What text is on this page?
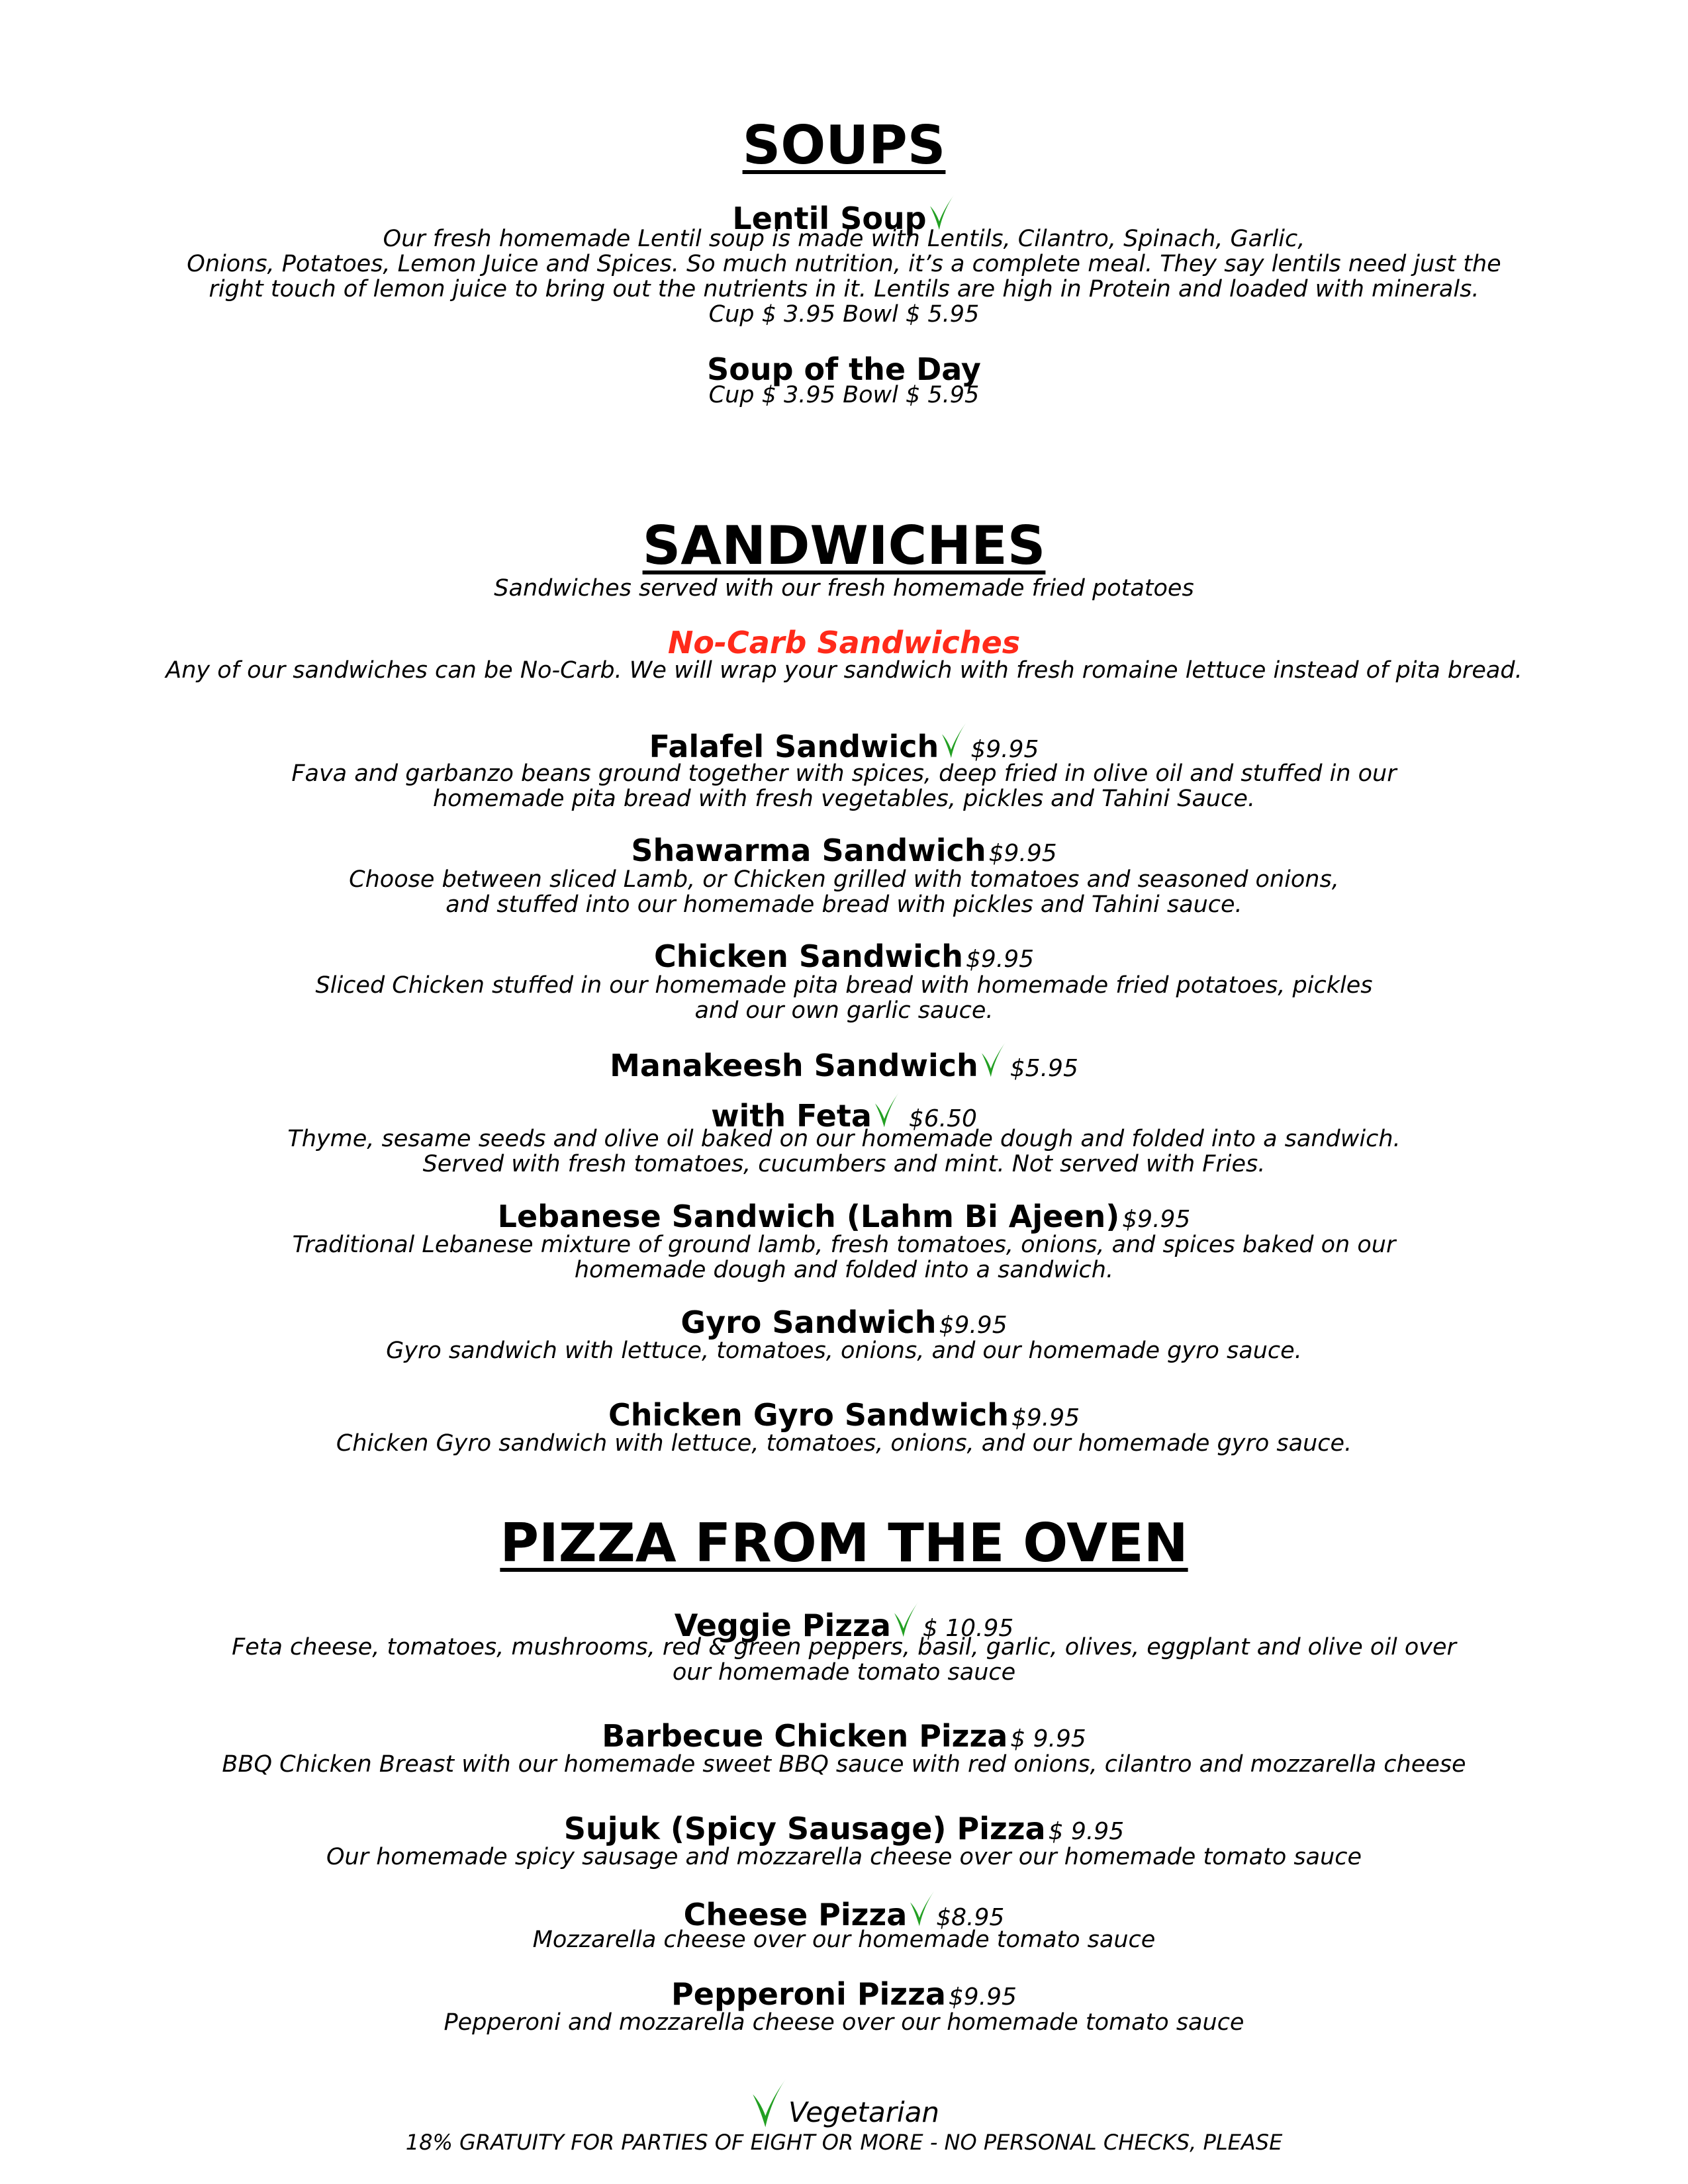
SOUPS
Lentil Soup
Our fresh homemade Lentil soup is made with Lentils, Cilantro, Spinach, Garlic,
Onions, Potatoes, Lemon Juice and Spices. So much nutrition, it’s a complete meal. They say lentils need just the
right touch of lemon juice to bring out the nutrients in it. Lentils are high in Protein and loaded with minerals.
Cup $ 3.95 Bowl $ 5.95
Soup of the Day
Cup $ 3.95 Bowl $ 5.95
SANDWICHES
Sandwiches served with our fresh homemade fried potatoes
No-Carb Sandwiches
Any of our sandwiches can be No-Carb. We will wrap your sandwich with fresh romaine lettuce instead of pita bread.
Falafel Sandwich $9.95
Fava and garbanzo beans ground together with spices, deep fried in olive oil and stuffed in our
homemade pita bread with fresh vegetables, pickles and Tahini Sauce.
Shawarma Sandwich $9.95
Choose between sliced Lamb, or Chicken grilled with tomatoes and seasoned onions,
and stuffed into our homemade bread with pickles and Tahini sauce.
Chicken Sandwich $9.95
Sliced Chicken stuffed in our homemade pita bread with homemade fried potatoes, pickles
and our own garlic sauce.
Manakeesh Sandwich $5.95
with Feta $6.50
Thyme, sesame seeds and olive oil baked on our homemade dough and folded into a sandwich.
Served with fresh tomatoes, cucumbers and mint. Not served with Fries.
Lebanese Sandwich (Lahm Bi Ajeen) $9.95
Traditional Lebanese mixture of ground lamb, fresh tomatoes, onions, and spices baked on our
homemade dough and folded into a sandwich.
Gyro Sandwich $9.95
Gyro sandwich with lettuce, tomatoes, onions, and our homemade gyro sauce.
Chicken Gyro Sandwich $9.95
Chicken Gyro sandwich with lettuce, tomatoes, onions, and our homemade gyro sauce.
PIZZA FROM THE OVEN
Veggie Pizza $ 10.95
Feta cheese, tomatoes, mushrooms, red & green peppers, basil, garlic, olives, eggplant and olive oil over
our homemade tomato sauce
Barbecue Chicken Pizza $ 9.95
BBQ Chicken Breast with our homemade sweet BBQ sauce with red onions, cilantro and mozzarella cheese
Sujuk (Spicy Sausage) Pizza $ 9.95
Our homemade spicy sausage and mozzarella cheese over our homemade tomato sauce
Cheese Pizza $8.95
Mozzarella cheese over our homemade tomato sauce
Pepperoni Pizza $9.95
Pepperoni and mozzarella cheese over our homemade tomato sauce
Vegetarian
18% GRATUITY FOR PARTIES OF EIGHT OR MORE - NO PERSONAL CHECKS, PLEASE
